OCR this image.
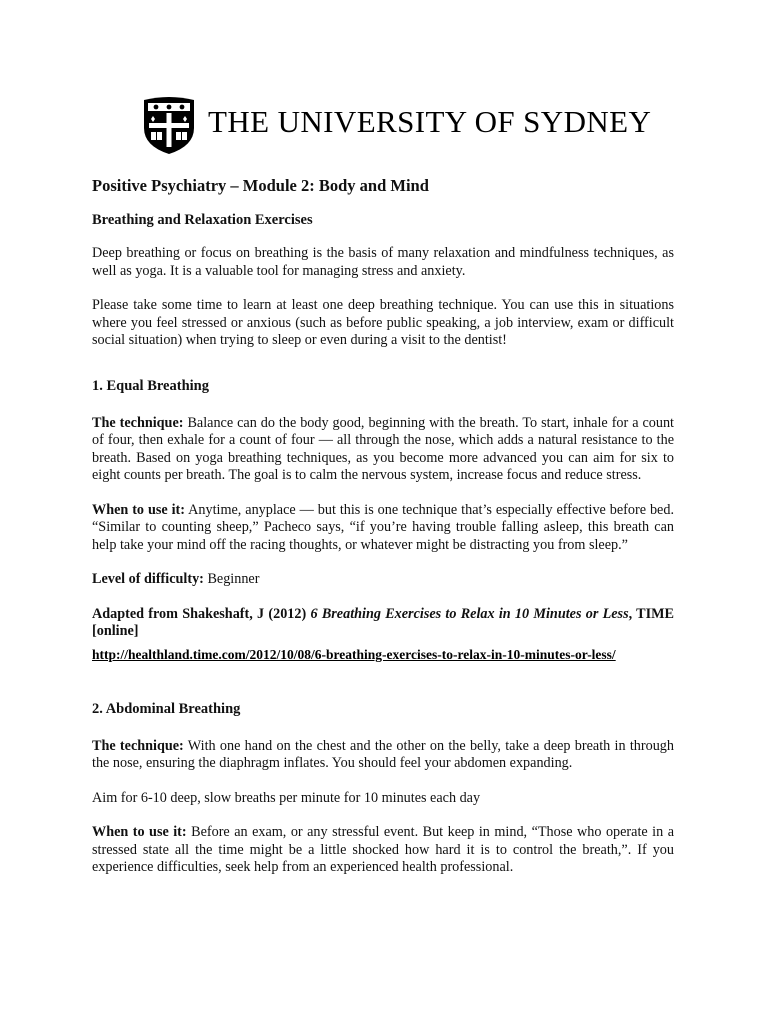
THE UNIVERSITY OF SYDNEY

Positive Psychiatry – Module 2: Body and Mind

Breathing and Relaxation Exercises

Deep breathing or focus on breathing is the basis of many relaxation and mindfulness techniques, as well as yoga. It is a valuable tool for managing stress and anxiety.

Please take some time to learn at least one deep breathing technique. You can use this in situations where you feel stressed or anxious (such as before public speaking, a job interview, exam or difficult social situation) when trying to sleep or even during a visit to the dentist!

1. Equal Breathing

The technique: Balance can do the body good, beginning with the breath. To start, inhale for a count of four, then exhale for a count of four — all through the nose, which adds a natural resistance to the breath. Based on yoga breathing techniques, as you become more advanced you can aim for six to eight counts per breath. The goal is to calm the nervous system, increase focus and reduce stress.

When to use it: Anytime, anyplace — but this is one technique that’s especially effective before bed. “Similar to counting sheep,” Pacheco says, “if you’re having trouble falling asleep, this breath can help take your mind off the racing thoughts, or whatever might be distracting you from sleep.”

Level of difficulty: Beginner

Adapted from Shakeshaft, J (2012) 6 Breathing Exercises to Relax in 10 Minutes or Less, TIME [online]

http://healthland.time.com/2012/10/08/6-breathing-exercises-to-relax-in-10-minutes-or-less/

2. Abdominal Breathing

The technique: With one hand on the chest and the other on the belly, take a deep breath in through the nose, ensuring the diaphragm inflates. You should feel your abdomen expanding.

Aim for 6-10 deep, slow breaths per minute for 10 minutes each day

When to use it: Before an exam, or any stressful event. But keep in mind, “Those who operate in a stressed state all the time might be a little shocked how hard it is to control the breath,”. If you experience difficulties, seek help from an experienced health professional.
